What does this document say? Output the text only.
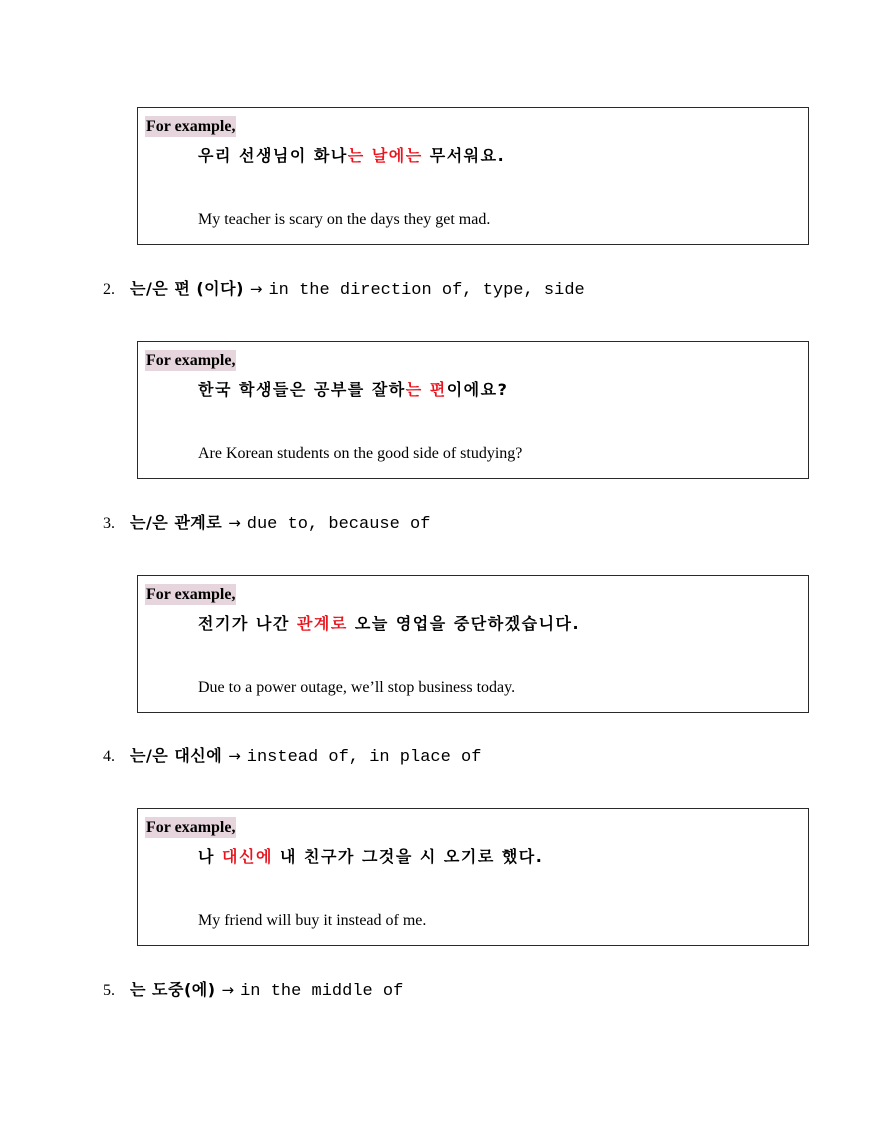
For example,
우리 선생님이 화나는 날에는 무서워요.
My teacher is scary on the days they get mad.
2. 는/은 편 (이다) → in the direction of, type, side
For example,
한국 학생들은 공부를 잘하는 편이에요?
Are Korean students on the good side of studying?
3. 는/은 관계로 → due to, because of
For example,
전기가 나간 관계로 오늘 영업을 중단하겠습니다.
Due to a power outage, we’ll stop business today.
4. 는/은 대신에 → instead of, in place of
For example,
나 대신에 내 친구가 그것을 시 오기로 했다.
My friend will buy it instead of me.
5. 는 도중(에) → in the middle of
